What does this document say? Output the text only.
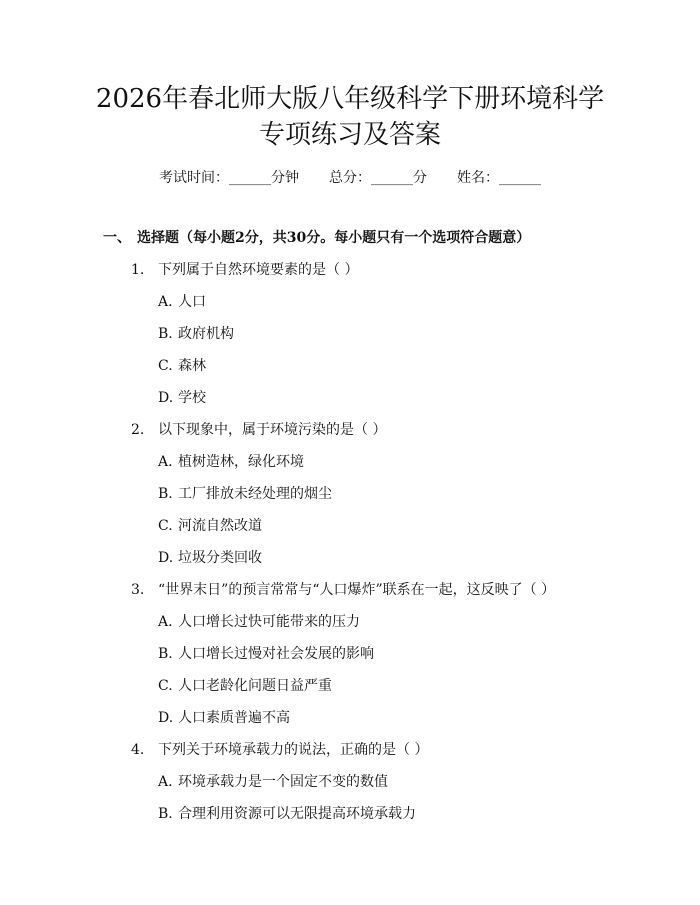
2026年春北师大版八年级科学下册环境科学
专项练习及答案
考试时间：______分钟 总分：______分 姓名：______
一、 选择题（每小题2分，共30分。每小题只有一个选项符合题意）
1. 下列属于自然环境要素的是（ ）
A. 人口
B. 政府机构
C. 森林
D. 学校
2. 以下现象中，属于环境污染的是（ ）
A. 植树造林，绿化环境
B. 工厂排放未经处理的烟尘
C. 河流自然改道
D. 垃圾分类回收
3. “世界末日”的预言常常与“人口爆炸”联系在一起，这反映了（ ）
A. 人口增长过快可能带来的压力
B. 人口增长过慢对社会发展的影响
C. 人口老龄化问题日益严重
D. 人口素质普遍不高
4. 下列关于环境承载力的说法，正确的是（ ）
A. 环境承载力是一个固定不变的数值
B. 合理利用资源可以无限提高环境承载力
